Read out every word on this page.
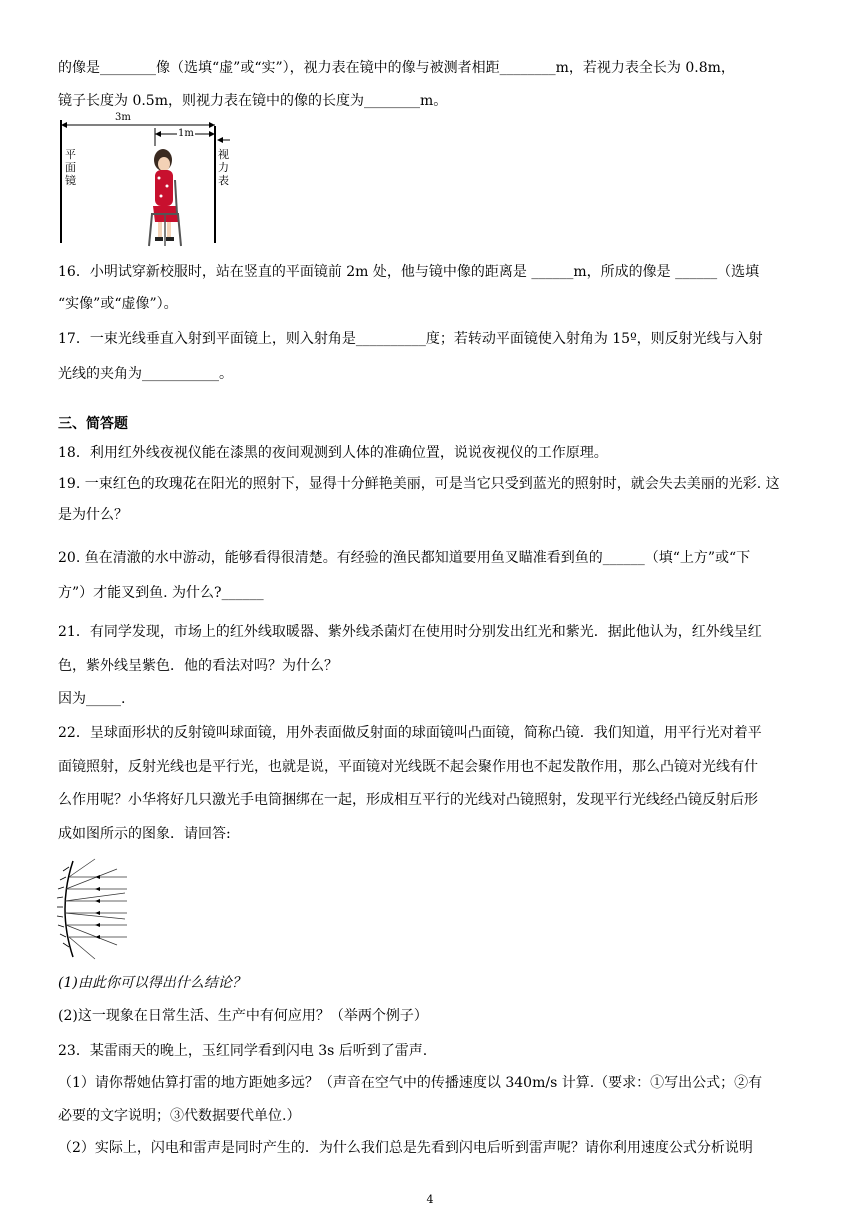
的像是________像（选填“虚”或“实”），视力表在镜中的像与被测者相距________m，若视力表全长为 0.8m，
镜子长度为 0.5m，则视力表在镜中的像的长度为________m。
3m
1m
平面镜
视力表
16．小明试穿新校服时，站在竖直的平面镜前 2m 处，他与镜中像的距离是 ______m，所成的像是 ______（选填
“实像”或“虚像”）。
17．一束光线垂直入射到平面镜上，则入射角是__________度；若转动平面镜使入射角为 15º，则反射光线与入射
光线的夹角为___________。
三、简答题
18．利用红外线夜视仪能在漆黑的夜间观测到人体的准确位置，说说夜视仪的工作原理。
19. 一束红色的玫瑰花在阳光的照射下，显得十分鲜艳美丽，可是当它只受到蓝光的照射时，就会失去美丽的光彩. 这
是为什么？
20. 鱼在清澈的水中游动，能够看得很清楚。有经验的渔民都知道要用鱼叉瞄准看到鱼的______（填“上方”或“下
方”）才能叉到鱼. 为什么?______
21．有同学发现，市场上的红外线取暖器、紫外线杀菌灯在使用时分别发出红光和紫光．据此他认为，红外线呈红
色，紫外线呈紫色．他的看法对吗？为什么？
因为_____.
22．呈球面形状的反射镜叫球面镜，用外表面做反射面的球面镜叫凸面镜，简称凸镜．我们知道，用平行光对着平
面镜照射，反射光线也是平行光，也就是说，平面镜对光线既不起会聚作用也不起发散作用，那么凸镜对光线有什
么作用呢？小华将好几只激光手电筒捆绑在一起，形成相互平行的光线对凸镜照射，发现平行光线经凸镜反射后形
成如图所示的图象．请回答:
(1)由此你可以得出什么结论？
(2)这一现象在日常生活、生产中有何应用？（举两个例子）
23．某雷雨天的晚上，玉红同学看到闪电 3s 后听到了雷声.
（1）请你帮她估算打雷的地方距她多远？（声音在空气中的传播速度以 340m/s 计算.（要求：①写出公式；②有
必要的文字说明；③代数据要代单位.）
（2）实际上，闪电和雷声是同时产生的．为什么我们总是先看到闪电后听到雷声呢？请你利用速度公式分析说明
4
